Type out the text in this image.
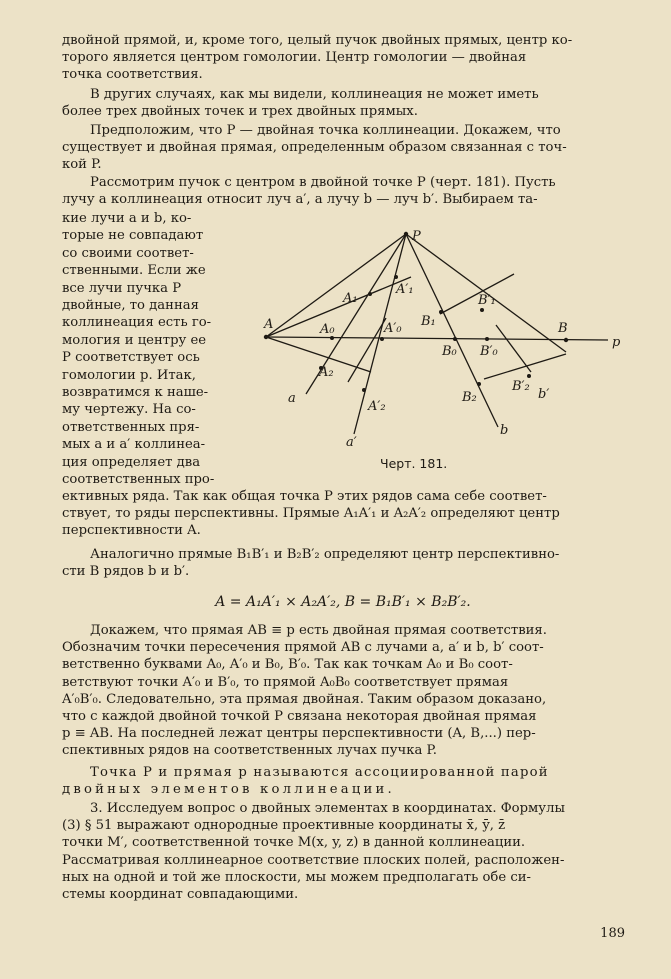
двойной прямой, и, кроме того, целый пучок двойных прямых, центр ко-
торого является центром гомологии. Центр гомологии — двойная
точка соответствия.
В других случаях, как мы видели, коллинеация не может иметь
более трех двойных точек и трех двойных прямых.
Предположим, что P — двойная точка коллинеации. Докажем, что
существует и двойная прямая, определенным образом связанная с точ-
кой P.
Рассмотрим пучок с центром в двойной точке P (черт. 181). Пусть
лучу a коллинеация относит луч a′, а лучу b — луч b′. Выбираем та-
кие лучи a и b, ко-
торые не совпадают
со своими соответ-
ственными. Если же
все лучи пучка P
двойные, то данная
коллинеация есть го-
мология и центру ее
P соответствует ось
гомологии p. Итак,
возвратимся к наше-
му чертежу. На со-
ответственных пря-
мых a и a′ коллинеа-
ция определяет два
соответственных про-
P
A₁
A′₁
B′₁
B₁
A	A₀	A′₀	B
p
B₀ B′₀
A₂
B′₂
B₂	b′
a
A′₂
b
a′
Черт. 181.
ективных ряда. Так как общая точка P этих рядов сама себе соответ-
ствует, то ряды перспективны. Прямые A₁A′₁ и A₂A′₂ определяют центр
перспективности A.
Аналогично прямые B₁B′₁ и B₂B′₂ определяют центр перспективно-
сти B рядов b и b′.
A = A₁A′₁ × A₂A′₂, B = B₁B′₁ × B₂B′₂.
Докажем, что прямая AB ≡ p есть двойная прямая соответствия.
Обозначим точки пересечения прямой AB с лучами a, a′ и b, b′ соот-
ветственно буквами A₀, A′₀ и B₀, B′₀. Так как точкам A₀ и B₀ соот-
ветствуют точки A′₀ и B′₀, то прямой A₀B₀ соответствует прямая
A′₀B′₀. Следовательно, эта прямая двойная. Таким образом доказано,
что с каждой двойной точкой P связана некоторая двойная прямая
p ≡ AB. На последней лежат центры перспективности (A, B,...) пер-
спективных рядов на соответственных лучах пучка P.
Точка P и прямая p называются ассоциированной парой
двойных элементов коллинеации.
3. Исследуем вопрос о двойных элементах в координатах. Формулы
(3) § 51 выражают однородные проективные координаты x̄, ȳ, z̄
точки M′, соответственной точке M(x, y, z) в данной коллинеации.
Рассматривая коллинеарное соответствие плоских полей, расположен-
ных на одной и той же плоскости, мы можем предполагать обе си-
стемы координат совпадающими.
189
